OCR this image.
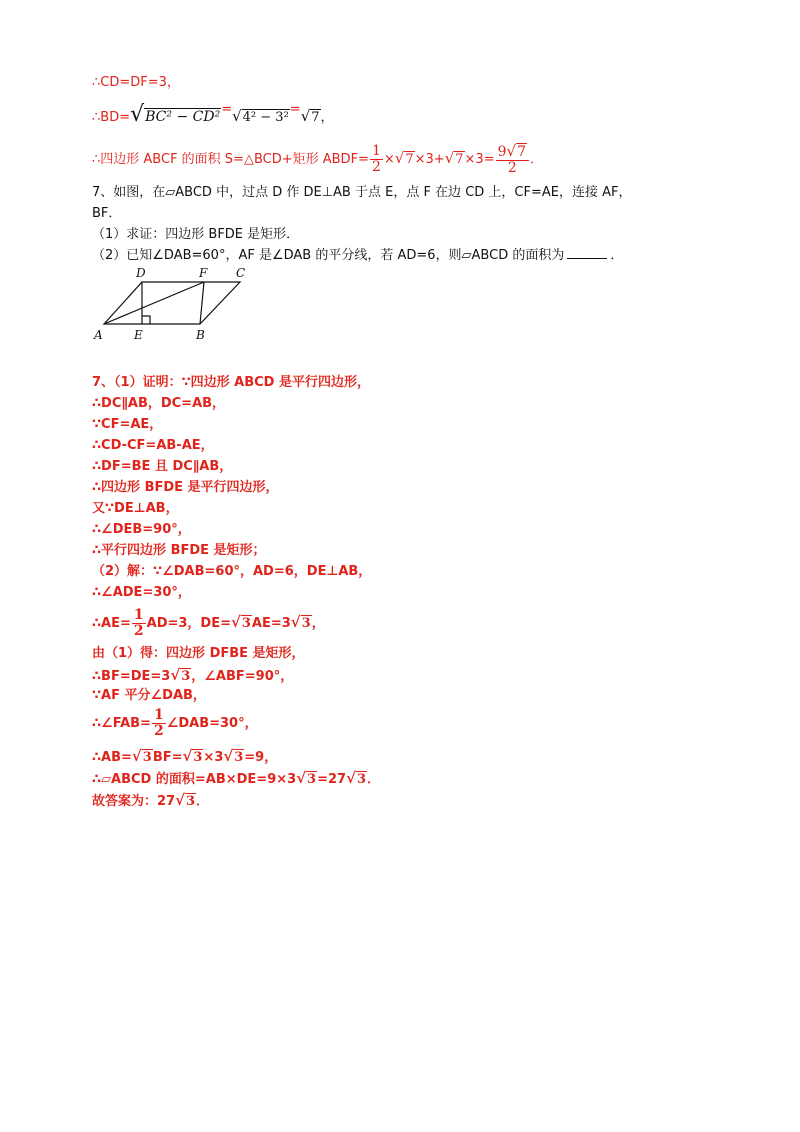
∴CD=DF=3，
∴BD=√BC² − CD²=√4² − 3²=√7，
∴四边形 ABCF 的面积 S=△BCD+矩形 ABDF= $\frac{1}{2} \times√7\times 3+√7\times 3= \frac{9√7}{2}$ ．
7、如图，在▱ABCD 中，过点 D 作 DE⊥AB 于点 E，点 F 在边 CD 上，CF=AE，连接 AF，
BF．
（1）求证：四边形 BFDE 是矩形．
（2）已知∠DAB=60°，AF 是∠DAB 的平分线，若 AD=6，则▱ABCD 的面积为	．
D	F C
A	E	B
7、（1）证明：∵四边形 ABCD 是平行四边形，
∴DC∥AB，DC=AB，
∵CF=AE，
∴CD-CF=AB-AE，
∴DF=BE 且 DC∥AB，
∴四边形 BFDE 是平行四边形，
又∵DE⊥AB，
∴∠DEB=90°，
∴平行四边形 BFDE 是矩形；
（2）解：∵∠DAB=60°，AD=6，DE⊥AB，
∴∠ADE=30°，
∴AE= $\frac{1}{2} AD=3$，DE=√3AE=3√3，
由（1）得：四边形 DFBE 是矩形，
∴BF=DE=3√3，∠ABF=90°，
∵AF 平分∠DAB，
∴∠FAB= $\frac{1}{2}$ ∠DAB=30°，
∴AB=√3BF=√3×3√3=9，
∴▱ABCD 的面积=AB×DE=9×3√3=27√3．
故答案为：27√3．
